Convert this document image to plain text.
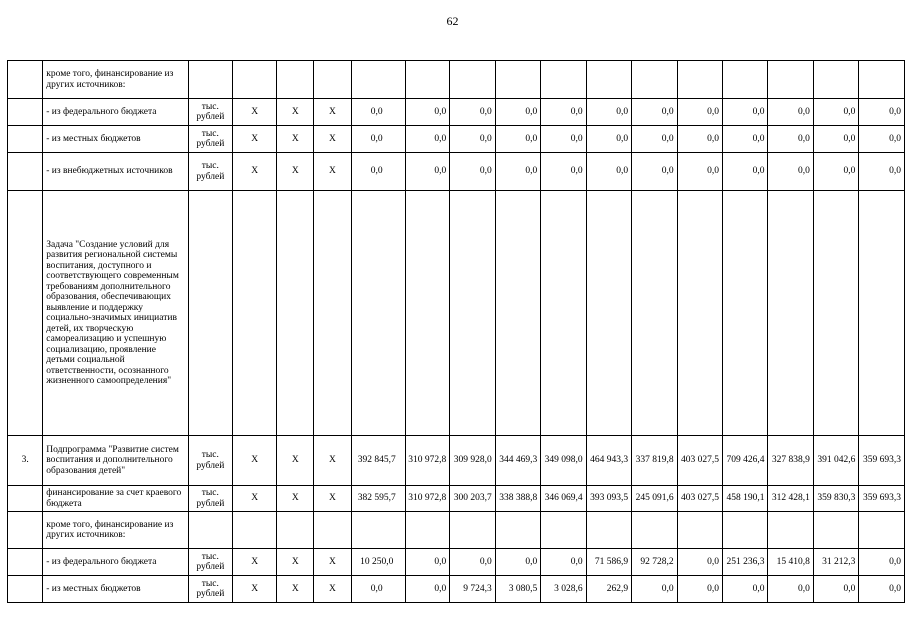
62
	кроме того, финансирование из других источников:																
	- из федерального бюджета	тыс. рублей	X	X	X	0,0	0,0	0,0	0,0	0,0	0,0	0,0	0,0	0,0	0,0	0,0	0,0
	- из местных бюджетов	тыс. рублей	X	X	X	0,0	0,0	0,0	0,0	0,0	0,0	0,0	0,0	0,0	0,0	0,0	0,0
	- из внебюджетных источников	тыс. рублей	X	X	X	0,0	0,0	0,0	0,0	0,0	0,0	0,0	0,0	0,0	0,0	0,0	0,0
	Задача "Создание условий для развития региональной системы воспитания, доступного и соответствующего современным требованиям дополнительного образования, обеспечивающих выявление и поддержку социально-значимых инициатив детей, их творческую самореализацию и успешную социализацию, проявление детьми социальной ответственности, осознанного жизненного самоопределения"																
3.	Подпрограмма "Развитие систем воспитания и дополнительного образования детей"	тыс. рублей	X	X	X	392 845,7	310 972,8	309 928,0	344 469,3	349 098,0	464 943,3	337 819,8	403 027,5	709 426,4	327 838,9	391 042,6	359 693,3
	финансирование за счет краевого бюджета	тыс. рублей	X	X	X	382 595,7	310 972,8	300 203,7	338 388,8	346 069,4	393 093,5	245 091,6	403 027,5	458 190,1	312 428,1	359 830,3	359 693,3
	кроме того, финансирование из других источников:																
	- из федерального бюджета	тыс. рублей	X	X	X	10 250,0	0,0	0,0	0,0	0,0	71 586,9	92 728,2	0,0	251 236,3	15 410,8	31 212,3	0,0
	- из местных бюджетов	тыс. рублей	X	X	X	0,0	0,0	9 724,3	3 080,5	3 028,6	262,9	0,0	0,0	0,0	0,0	0,0	0,0
